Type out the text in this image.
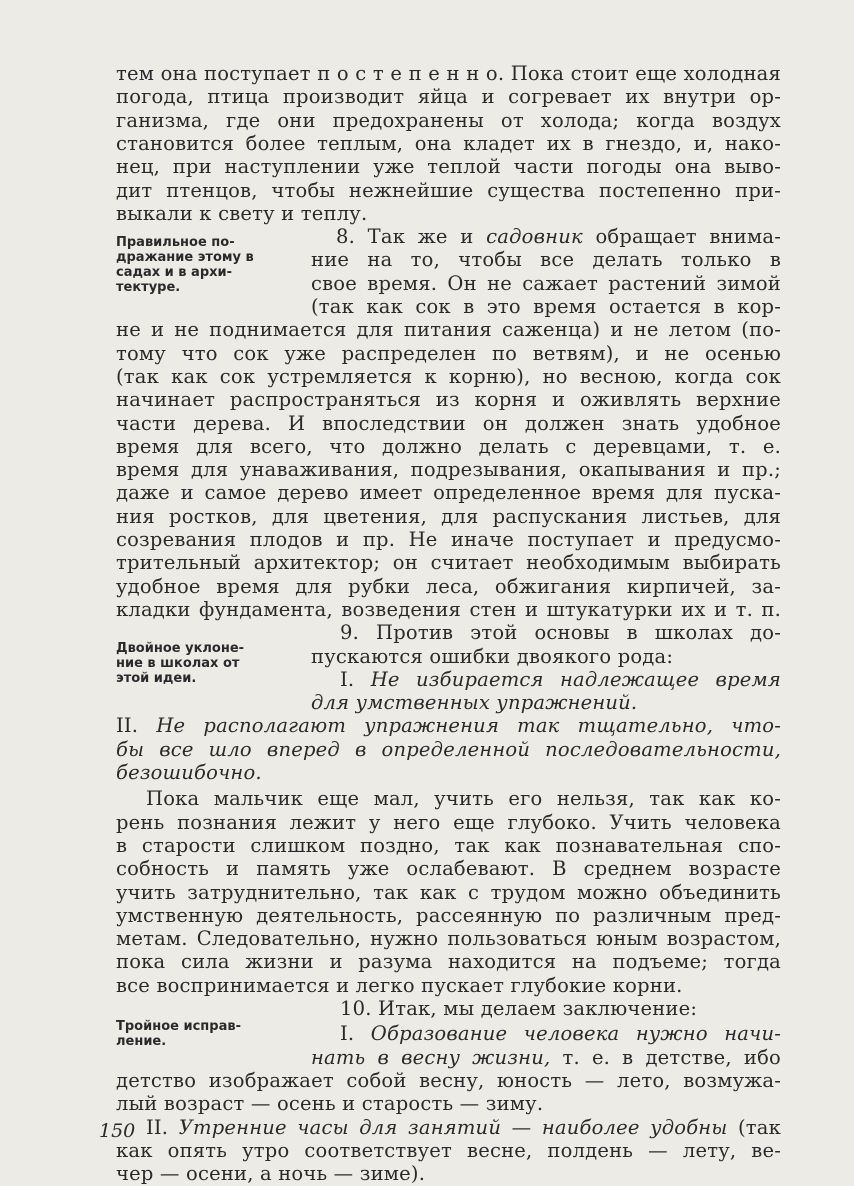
тем она поступает п о с т е п е н н о. Пока стоит еще холодная
погода, птица производит яйца и согревает их внутри ор-
ганизма, где они предохранены от холода; когда воздух
становится более теплым, она кладет их в гнездо, и, нако-
нец, при наступлении уже теплой части погоды она выво-
дит птенцов, чтобы нежнейшие существа постепенно при-
выкали к свету и теплу.
8. Так же и садовник обращает внима-
Правильное по-
дражание этому в
садах и в архи-
тектуре.
ние на то, чтобы все делать только в
свое время. Он не сажает растений зимой
(так как сок в это время остается в кор-
не и не поднимается для питания саженца) и не летом (по-
тому что сок уже распределен по ветвям), и не осенью
(так как сок устремляется к корню), но весною, когда сок
начинает распространяться из корня и оживлять верхние
части дерева. И впоследствии он должен знать удобное
время для всего, что должно делать с деревцами, т. е.
время для унаваживания, подрезывания, окапывания и пр.;
даже и самое дерево имеет определенное время для пуска-
ния ростков, для цветения, для распускания листьев, для
созревания плодов и пр. Не иначе поступает и предусмо-
трительный архитектор; он считает необходимым выбирать
удобное время для рубки леса, обжигания кирпичей, за-
кладки фундамента, возведения стен и штукатурки их и т. п.
9. Против этой основы в школах до-
Двойное уклоне-
ние в школах от
этой идеи.
пускаются ошибки двоякого рода:
I. Не избирается надлежащее время
для умственных упражнений.
II. Не располагают упражнения так тщательно, что-
бы все шло вперед в определенной последовательности,
безошибочно.
Пока мальчик еще мал, учить его нельзя, так как ко-
рень познания лежит у него еще глубоко. Учить человека
в старости слишком поздно, так как познавательная спо-
собность и память уже ослабевают. В среднем возрасте
учить затруднительно, так как с трудом можно объединить
умственную деятельность, рассеянную по различным пред-
метам. Следовательно, нужно пользоваться юным возрастом,
пока сила жизни и разума находится на подъеме; тогда
все воспринимается и легко пускает глубокие корни.
10. Итак, мы делаем заключение:
Тройное исправ-
ление.	I. Образование человека нужно начи-
нать в весну жизни, т. е. в детстве, ибо
детство изображает собой весну, юность — лето, возмужа-
лый возраст — осень и старость — зиму.
II. Утренние часы для занятий — наиболее удобны (так
как опять утро соответствует весне, полдень — лету, ве-
чер — осени, а ночь — зиме).
150
